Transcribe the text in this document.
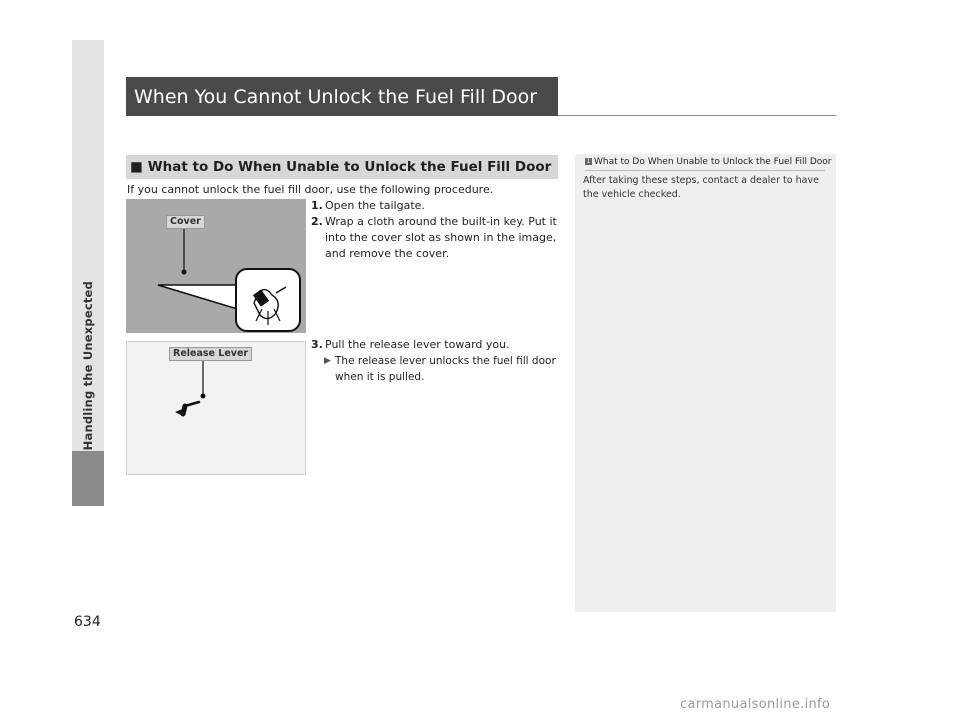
Handling the Unexpected
634
When You Cannot Unlock the Fuel Fill Door
■ What to Do When Unable to Unlock the Fuel Fill Door
If you cannot unlock the fuel fill door, use the following procedure.
1. Open the tailgate.
2. Wrap a cloth around the built-in key. Put it into the cover slot as shown in the image, and remove the cover.
3. Pull the release lever toward you.
▶ The release lever unlocks the fuel fill door when it is pulled.
Cover
Release Lever
1 What to Do When Unable to Unlock the Fuel Fill Door
After taking these steps, contact a dealer to have the vehicle checked.
carmanualsonline.info
